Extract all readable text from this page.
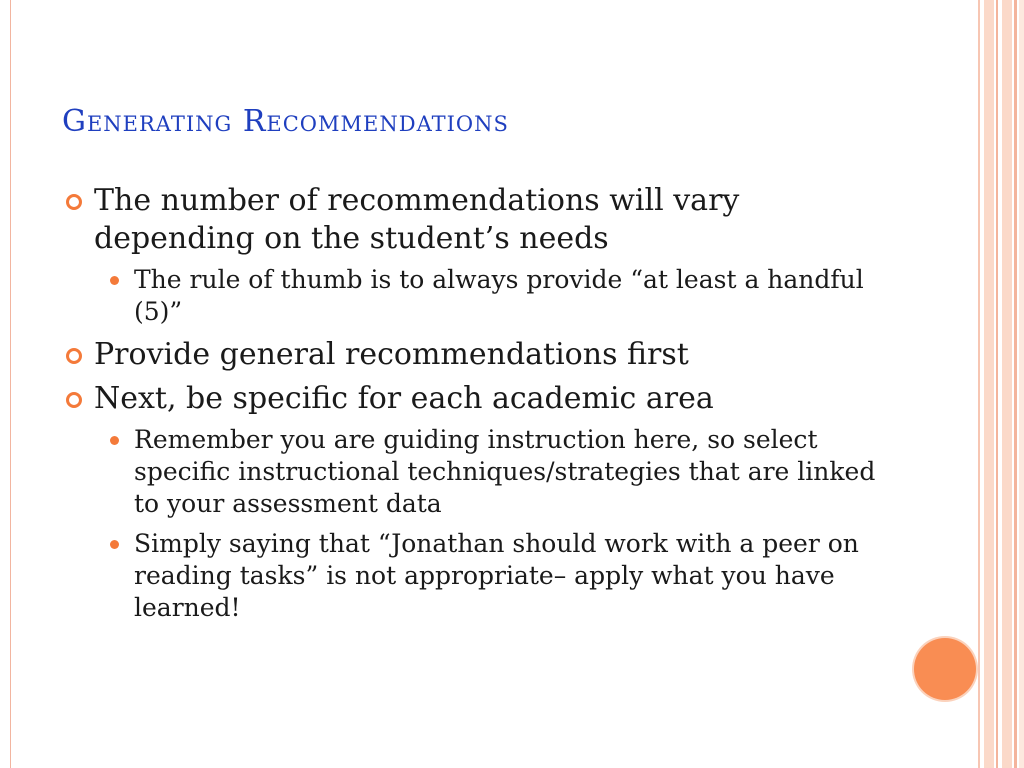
Generating Recommendations
The number of recommendations will vary depending on the student’s needs
The rule of thumb is to always provide “at least a handful (5)”
Provide general recommendations first
Next, be specific for each academic area
Remember you are guiding instruction here, so select specific instructional techniques/strategies that are linked to your assessment data
Simply saying that “Jonathan should work with a peer on reading tasks” is not appropriate– apply what you have learned!
